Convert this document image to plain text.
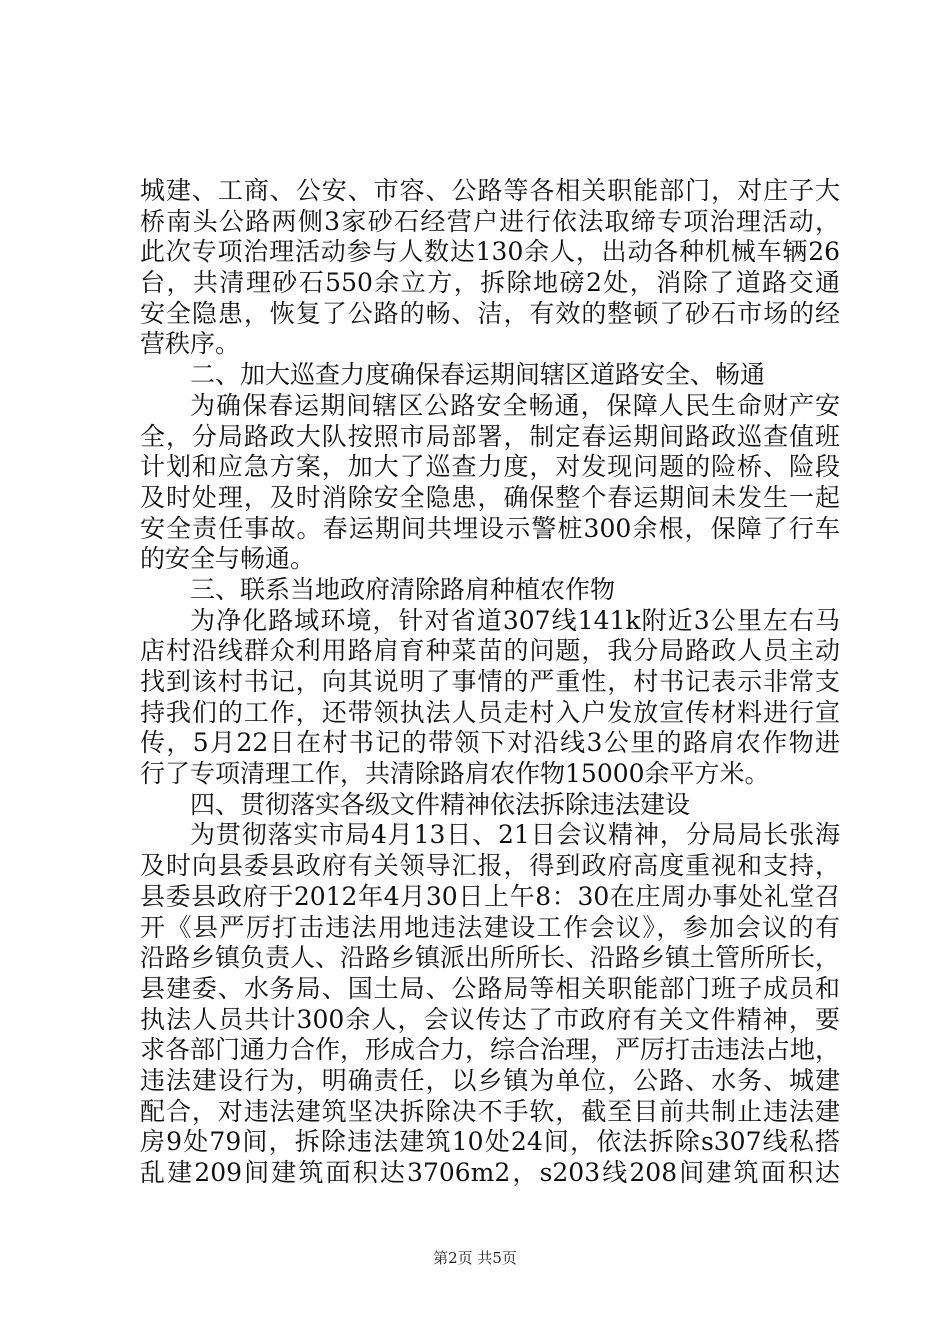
城建、工商、公安、市容、公路等各相关职能部门，对庄子大
桥南头公路两侧3家砂石经营户进行依法取缔专项治理活动，
此次专项治理活动参与人数达130余人，出动各种机械车辆26
台，共清理砂石550余立方，拆除地磅2处，消除了道路交通
安全隐患，恢复了公路的畅、洁，有效的整顿了砂石市场的经
营秩序。
二、加大巡查力度确保春运期间辖区道路安全、畅通
为确保春运期间辖区公路安全畅通，保障人民生命财产安
全，分局路政大队按照市局部署，制定春运期间路政巡查值班
计划和应急方案，加大了巡查力度，对发现问题的险桥、险段
及时处理，及时消除安全隐患，确保整个春运期间未发生一起
安全责任事故。春运期间共埋设示警桩300余根，保障了行车
的安全与畅通。
三、联系当地政府清除路肩种植农作物
为净化路域环境，针对省道307线141k附近3公里左右马
店村沿线群众利用路肩育种菜苗的问题，我分局路政人员主动
找到该村书记，向其说明了事情的严重性，村书记表示非常支
持我们的工作，还带领执法人员走村入户发放宣传材料进行宣
传，5月22日在村书记的带领下对沿线3公里的路肩农作物进
行了专项清理工作，共清除路肩农作物15000余平方米。
四、贯彻落实各级文件精神依法拆除违法建设
为贯彻落实市局4月13日、21日会议精神，分局局长张海
及时向县委县政府有关领导汇报，得到政府高度重视和支持，
县委县政府于2012年4月30日上午8：30在庄周办事处礼堂召
开《县严厉打击违法用地违法建设工作会议》，参加会议的有
沿路乡镇负责人、沿路乡镇派出所所长、沿路乡镇土管所所长，
县建委、水务局、国土局、公路局等相关职能部门班子成员和
执法人员共计300余人，会议传达了市政府有关文件精神，要
求各部门通力合作，形成合力，综合治理，严厉打击违法占地，
违法建设行为，明确责任，以乡镇为单位，公路、水务、城建
配合，对违法建筑坚决拆除决不手软，截至目前共制止违法建
房9处79间，拆除违法建筑10处24间，依法拆除s307线私搭
乱建209间建筑面积达3706m2，s203线208间建筑面积达
第2页 共5页
